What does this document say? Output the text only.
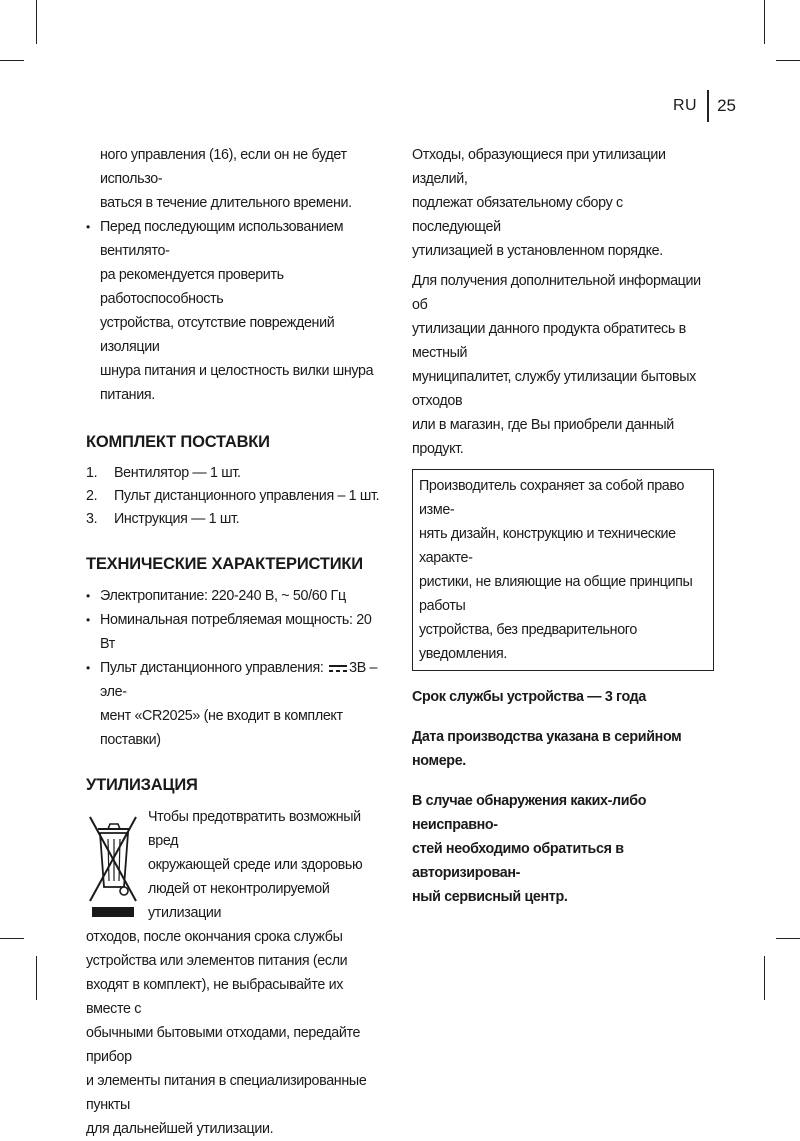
RU	25

ного управления (16), если он не будет использо-
ваться в течение длительного времени.

• Перед последующим использованием вентилято-
ра рекомендуется проверить работоспособность
устройства, отсутствие повреждений изоляции
шнура питания и целостность вилки шнура
питания.
КОМПЛЕКТ ПОСТАВКИ
1.	Вентилятор — 1 шт.
2.	Пульт дистанционного управления – 1 шт.
3.	Инструкция — 1 шт.
ТЕХНИЧЕСКИЕ ХАРАКТЕРИСТИКИ
• Электропитание: 220-240 В, ~ 50/60 Гц
• Номинальная потребляемая мощность: 20 Вт
• Пульт дистанционного управления: 3В – эле-
мент «CR2025» (не входит в комплект поставки)
УТИЛИЗАЦИЯ

Чтобы предотвратить возможный вред
окружающей среде или здоровью
людей от неконтролируемой утилизации
отходов, после окончания срока службы
устройства или элементов питания (если
входят в комплект), не выбрасывайте их вместе с
обычными бытовыми отходами, передайте прибор
и элементы питания в специализированные пункты
для дальнейшей утилизации.

Отходы, образующиеся при утилизации изделий,
подлежат обязательному сбору с последующей
утилизацией в установленном порядке.

Для получения дополнительной информации об
утилизации данного продукта обратитесь в местный
муниципалитет, службу утилизации бытовых отходов
или в магазин, где Вы приобрели данный продукт.

Производитель сохраняет за собой право изме-
нять дизайн, конструкцию и технические характе-
ристики, не влияющие на общие принципы работы
устройства, без предварительного уведомления.

Срок службы устройства — 3 года

Дата производства указана в серийном номере.

В случае обнаружения каких-либо неисправно-
стей необходимо обратиться в авторизирован-
ный сервисный центр.
